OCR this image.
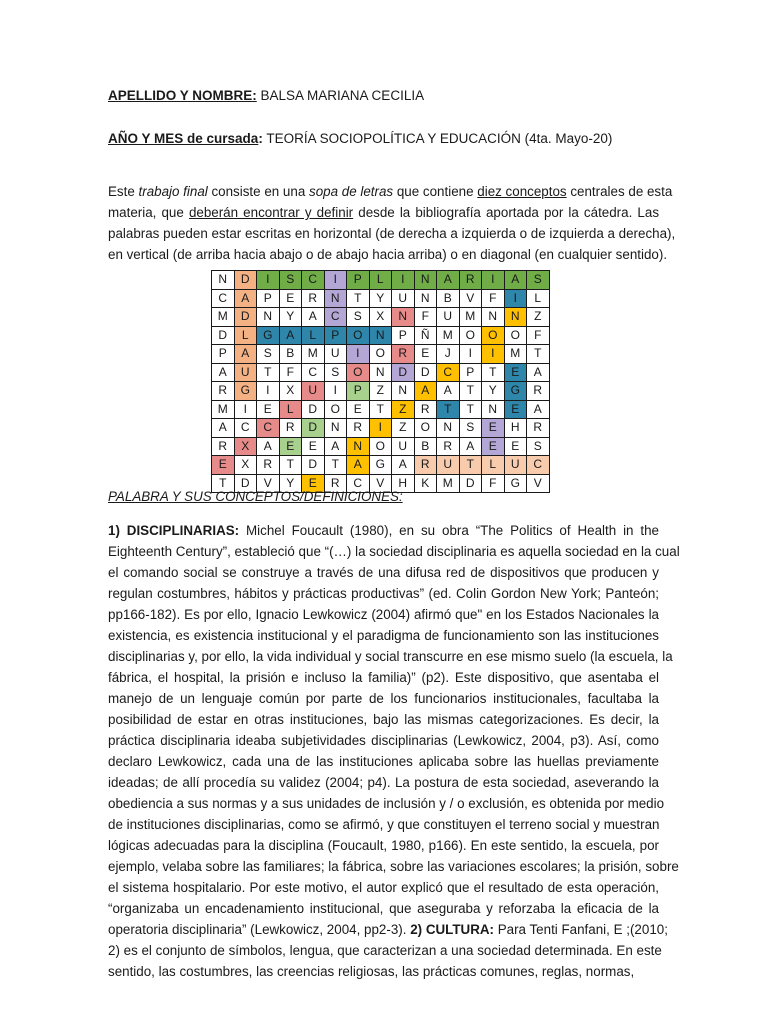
APELLIDO Y NOMBRE: BALSA MARIANA CECILIA
AÑO Y MES de cursada: TEORÍA SOCIOPOLÍTICA Y EDUCACIÓN (4ta. Mayo-20)
Este trabajo final consiste en una sopa de letras que contiene diez conceptos centrales de esta
materia, que deberán encontrar y definir desde la bibliografía aportada por la cátedra. Las
palabras pueden estar escritas en horizontal (de derecha a izquierda o de izquierda a derecha),
en vertical (de arriba hacia abajo o de abajo hacia arriba) o en diagonal (en cualquier sentido).
N	D	I	S	C	I	P	L	I	N	A	R	I	A	S
C	A	P	E	R	N	T	Y	U	N	B	V	F	I	L
M	D	N	Y	A	C	S	X	N	F	U	M	N	N	Z
D	L	G	A	L	P	O	N	P	Ñ	M	O	O	O	F
P	A	S	B	M	U	I	O	R	E	J	I	I	M	T
A	U	T	F	C	S	O	N	D	D	C	P	T	E	A
R	G	I	X	U	I	P	Z	N	A	A	T	Y	G	R
M	I	E	L	D	O	E	T	Z	R	T	T	N	E	A
A	C	C	R	D	N	R	I	Z	O	N	S	E	H	R
R	X	A	E	E	A	N	O	U	B	R	A	E	E	S
E	X	R	T	D	T	A	G	A	R	U	T	L	U	C
T	D	V	Y	E	R	C	V	H	K	M	D	F	G	V
PALABRA Y SUS CONCEPTOS/DEFINICIONES:
1) DISCIPLINARIAS: Michel Foucault (1980), en su obra “The Politics of Health in the
Eighteenth Century”, estableció que “(…) la sociedad disciplinaria es aquella sociedad en la cual
el comando social se construye a través de una difusa red de dispositivos que producen y
regulan costumbres, hábitos y prácticas productivas” (ed. Colin Gordon New York; Panteón;
pp166-182). Es por ello, Ignacio Lewkowicz (2004) afirmó que" en los Estados Nacionales la
existencia, es existencia institucional y el paradigma de funcionamiento son las instituciones
disciplinarias y, por ello, la vida individual y social transcurre en ese mismo suelo (la escuela, la
fábrica, el hospital, la prisión e incluso la familia)” (p2). Este dispositivo, que asentaba el
manejo de un lenguaje común por parte de los funcionarios institucionales, facultaba la
posibilidad de estar en otras instituciones, bajo las mismas categorizaciones. Es decir, la
práctica disciplinaria ideaba subjetividades disciplinarias (Lewkowicz, 2004, p3). Así, como
declaro Lewkowicz, cada una de las instituciones aplicaba sobre las huellas previamente
ideadas; de allí procedía su validez (2004; p4). La postura de esta sociedad, aseverando la
obediencia a sus normas y a sus unidades de inclusión y / o exclusión, es obtenida por medio
de instituciones disciplinarias, como se afirmó, y que constituyen el terreno social y muestran
lógicas adecuadas para la disciplina (Foucault, 1980, p166). En este sentido, la escuela, por
ejemplo, velaba sobre las familiares; la fábrica, sobre las variaciones escolares; la prisión, sobre
el sistema hospitalario. Por este motivo, el autor explicó que el resultado de esta operación,
“organizaba un encadenamiento institucional, que aseguraba y reforzaba la eficacia de la
operatoria disciplinaria” (Lewkowicz, 2004, pp2-3). 2) CULTURA: Para Tenti Fanfani, E ;(2010;
2) es el conjunto de símbolos, lengua, que caracterizan a una sociedad determinada. En este
sentido, las costumbres, las creencias religiosas, las prácticas comunes, reglas, normas,
